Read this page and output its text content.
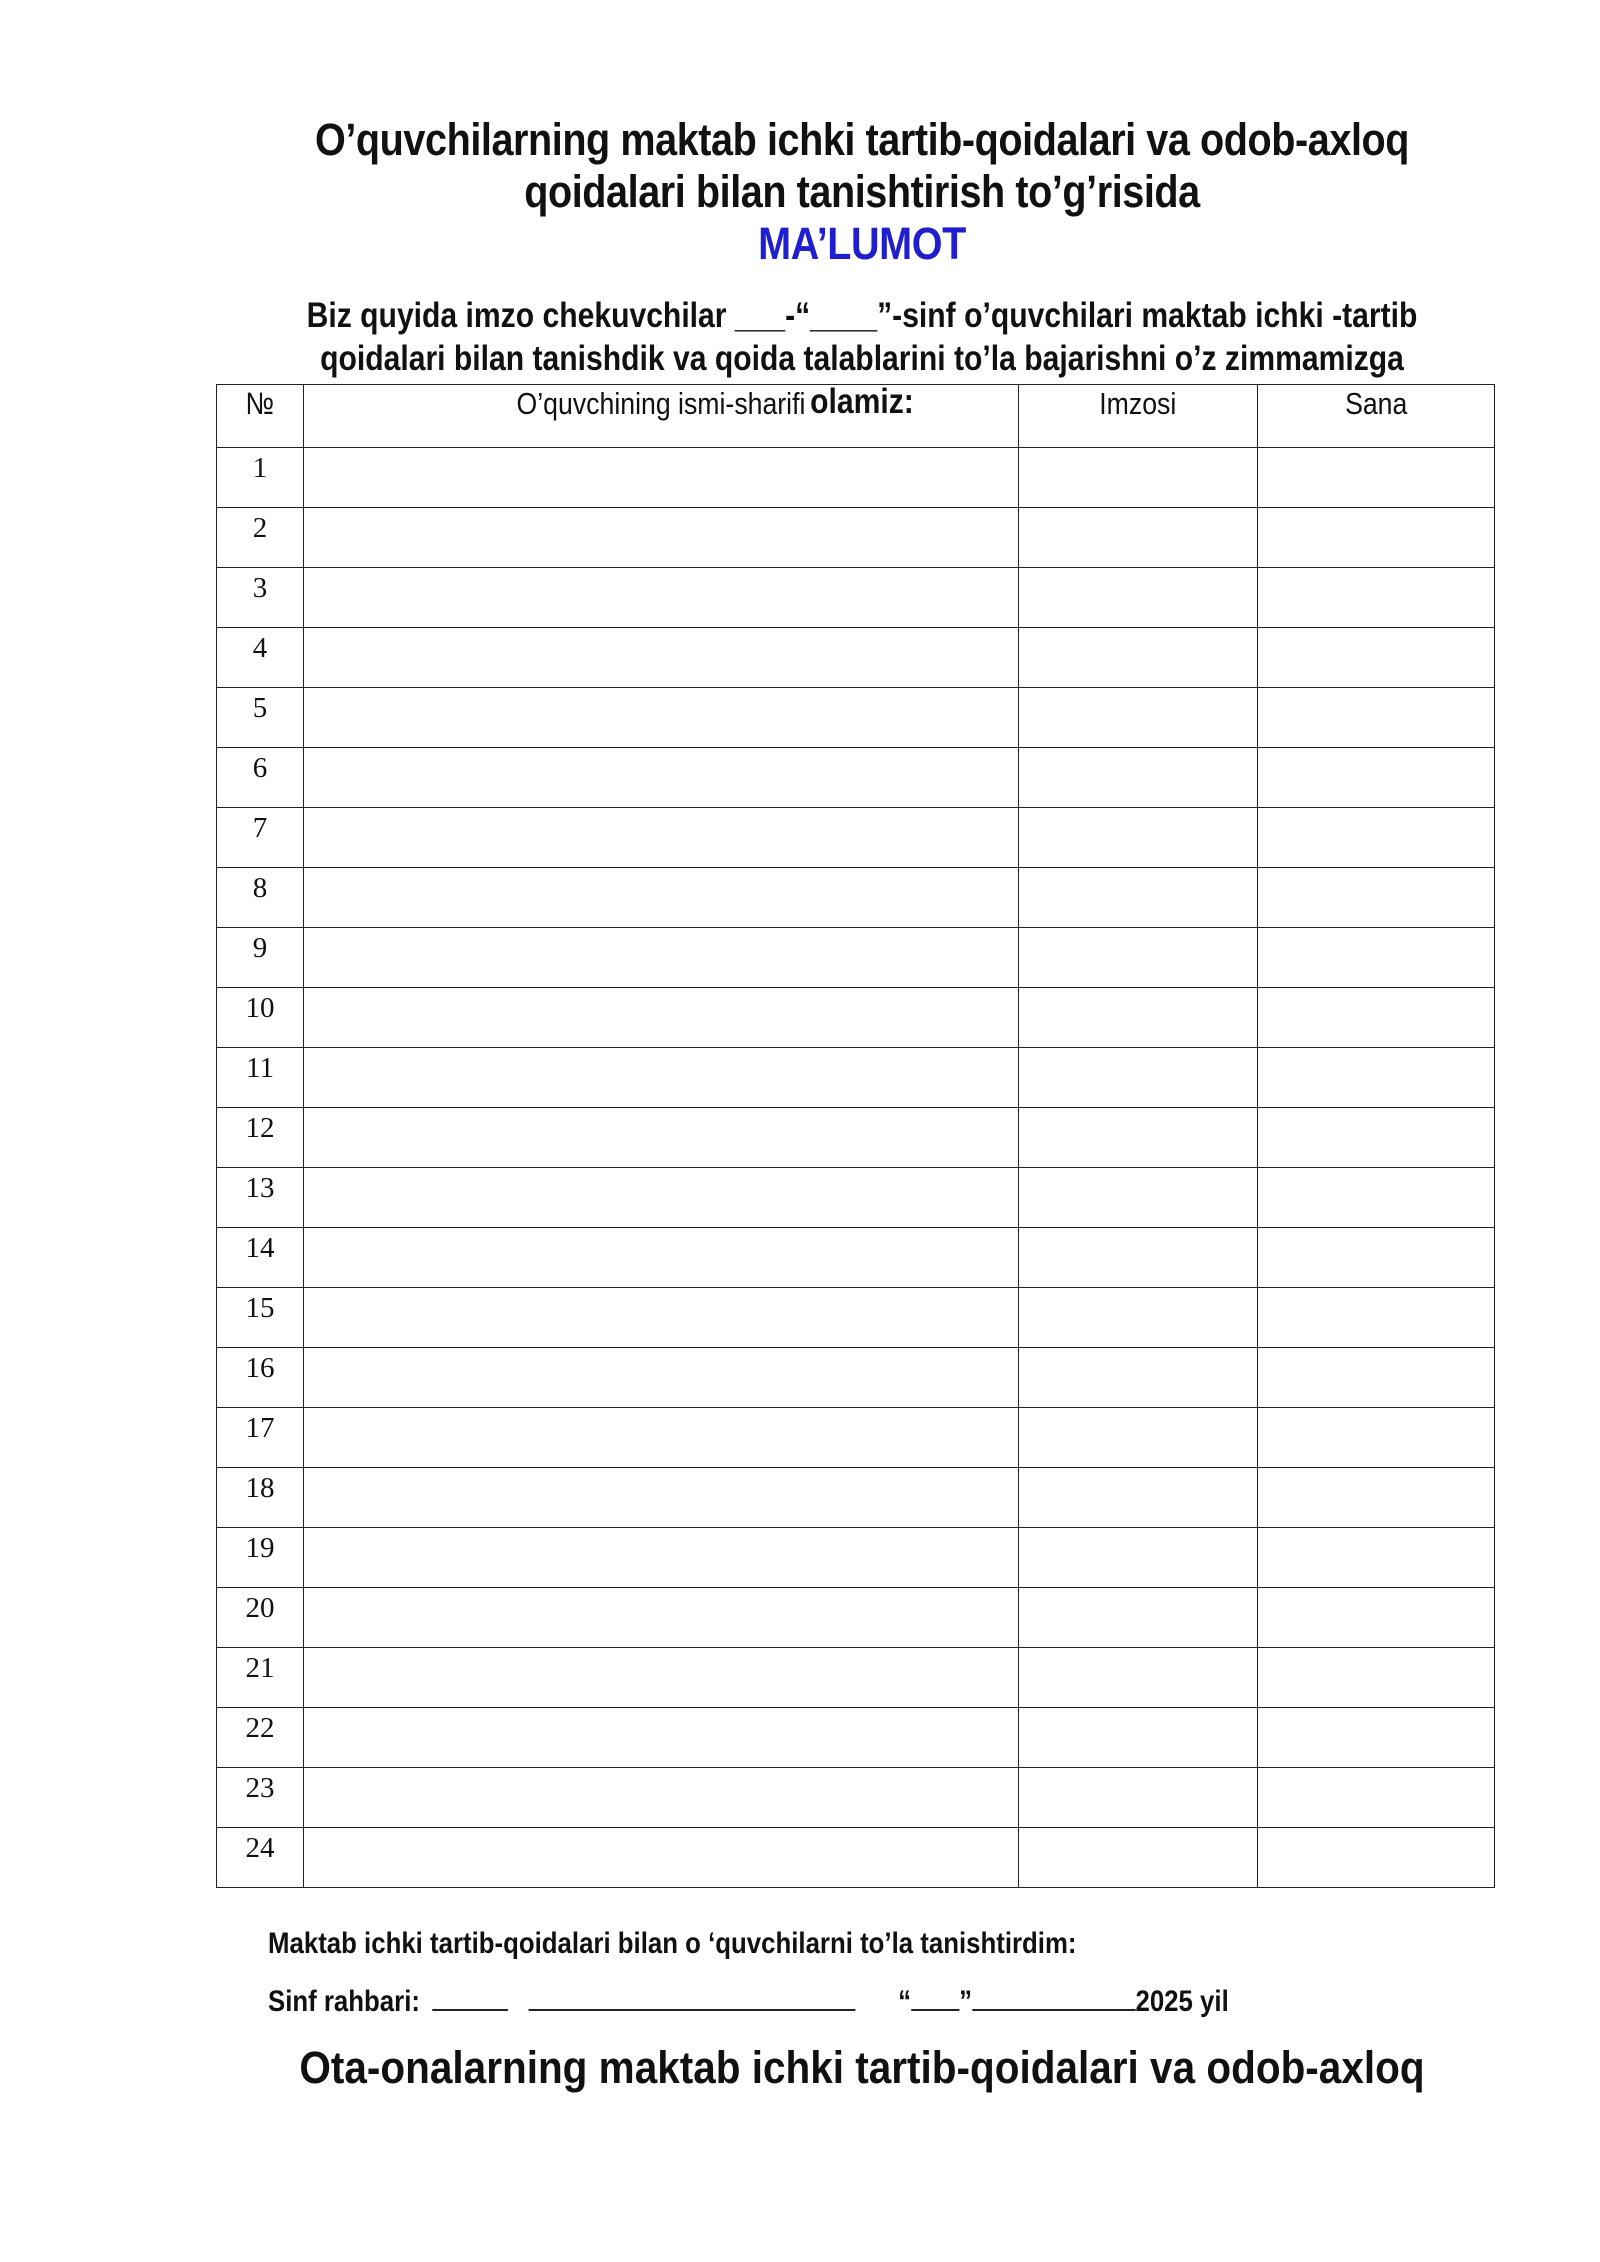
O’quvchilarning maktab ichki tartib-qoidalari va odob-axloq
qoidalari bilan tanishtirish to’g’risida
MA’LUMOT
Biz quyida imzo chekuvchilar ___-“____”-sinf o’quvchilari maktab ichki -tartib
qoidalari bilan tanishdik va qoida talablarini to’la bajarishni o’z zimmamizga olamiz:
№	O’quvchining ismi-sharifi	Imzosi	Sana
1			
2			
3			
4			
5			
6			
7			
8			
9			
10			
11			
12			
13			
14			
15			
16			
17			
18			
19			
20			
21			
22			
23			
24			
Maktab ichki tartib-qoidalari bilan o ‘quvchilarni to’la tanishtirdim:
Sinf rahbari:	“ ”	2025 yil
Ota-onalarning maktab ichki tartib-qoidalari va odob-axloq
